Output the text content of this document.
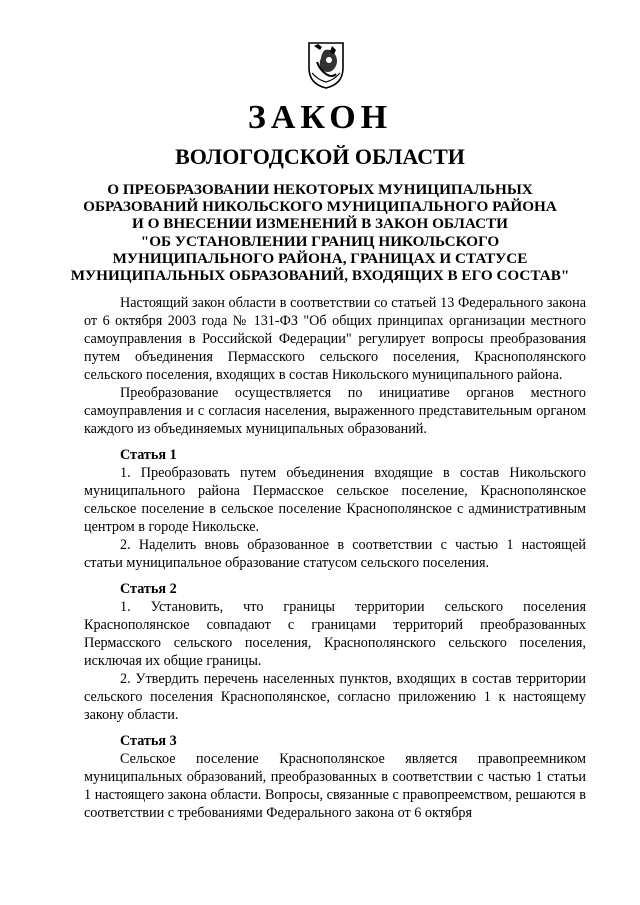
ЗАКОН
ВОЛОГОДСКОЙ ОБЛАСТИ
О ПРЕОБРАЗОВАНИИ НЕКОТОРЫХ МУНИЦИПАЛЬНЫХ
ОБРАЗОВАНИЙ НИКОЛЬСКОГО МУНИЦИПАЛЬНОГО РАЙОНА
И О ВНЕСЕНИИ ИЗМЕНЕНИЙ В ЗАКОН ОБЛАСТИ
"ОБ УСТАНОВЛЕНИИ ГРАНИЦ НИКОЛЬСКОГО
МУНИЦИПАЛЬНОГО РАЙОНА, ГРАНИЦАХ И СТАТУСЕ
МУНИЦИПАЛЬНЫХ ОБРАЗОВАНИЙ, ВХОДЯЩИХ В ЕГО СОСТАВ"

Настоящий закон области в соответствии со статьей 13 Федерального закона от 6 октября 2003 года № 131-ФЗ "Об общих принципах организации местного самоуправления в Российской Федерации" регулирует вопросы преобразования путем объединения Пермасского сельского поселения, Краснополянского сельского поселения, входящих в состав Никольского муниципального района.

Преобразование осуществляется по инициативе органов местного самоуправления и с согласия населения, выраженного представительным органом каждого из объединяемых муниципальных образований.

Статья 1

1. Преобразовать путем объединения входящие в состав Никольского муниципального района Пермасское сельское поселение, Краснополянское сельское поселение в сельское поселение Краснополянское с административным центром в городе Никольске.

2. Наделить вновь образованное в соответствии с частью 1 настоящей статьи муниципальное образование статусом сельского поселения.

Статья 2

1. Установить, что границы территории сельского поселения Краснополянское совпадают с границами территорий преобразованных Пермасского сельского поселения, Краснополянского сельского поселения, исключая их общие границы.

2. Утвердить перечень населенных пунктов, входящих в состав территории сельского поселения Краснополянское, согласно приложению 1 к настоящему закону области.

Статья 3

Сельское поселение Краснополянское является правопреемником муниципальных образований, преобразованных в соответствии с частью 1 статьи 1 настоящего закона области. Вопросы, связанные с правопреемством, решаются в соответствии с требованиями Федерального закона от 6 октября
